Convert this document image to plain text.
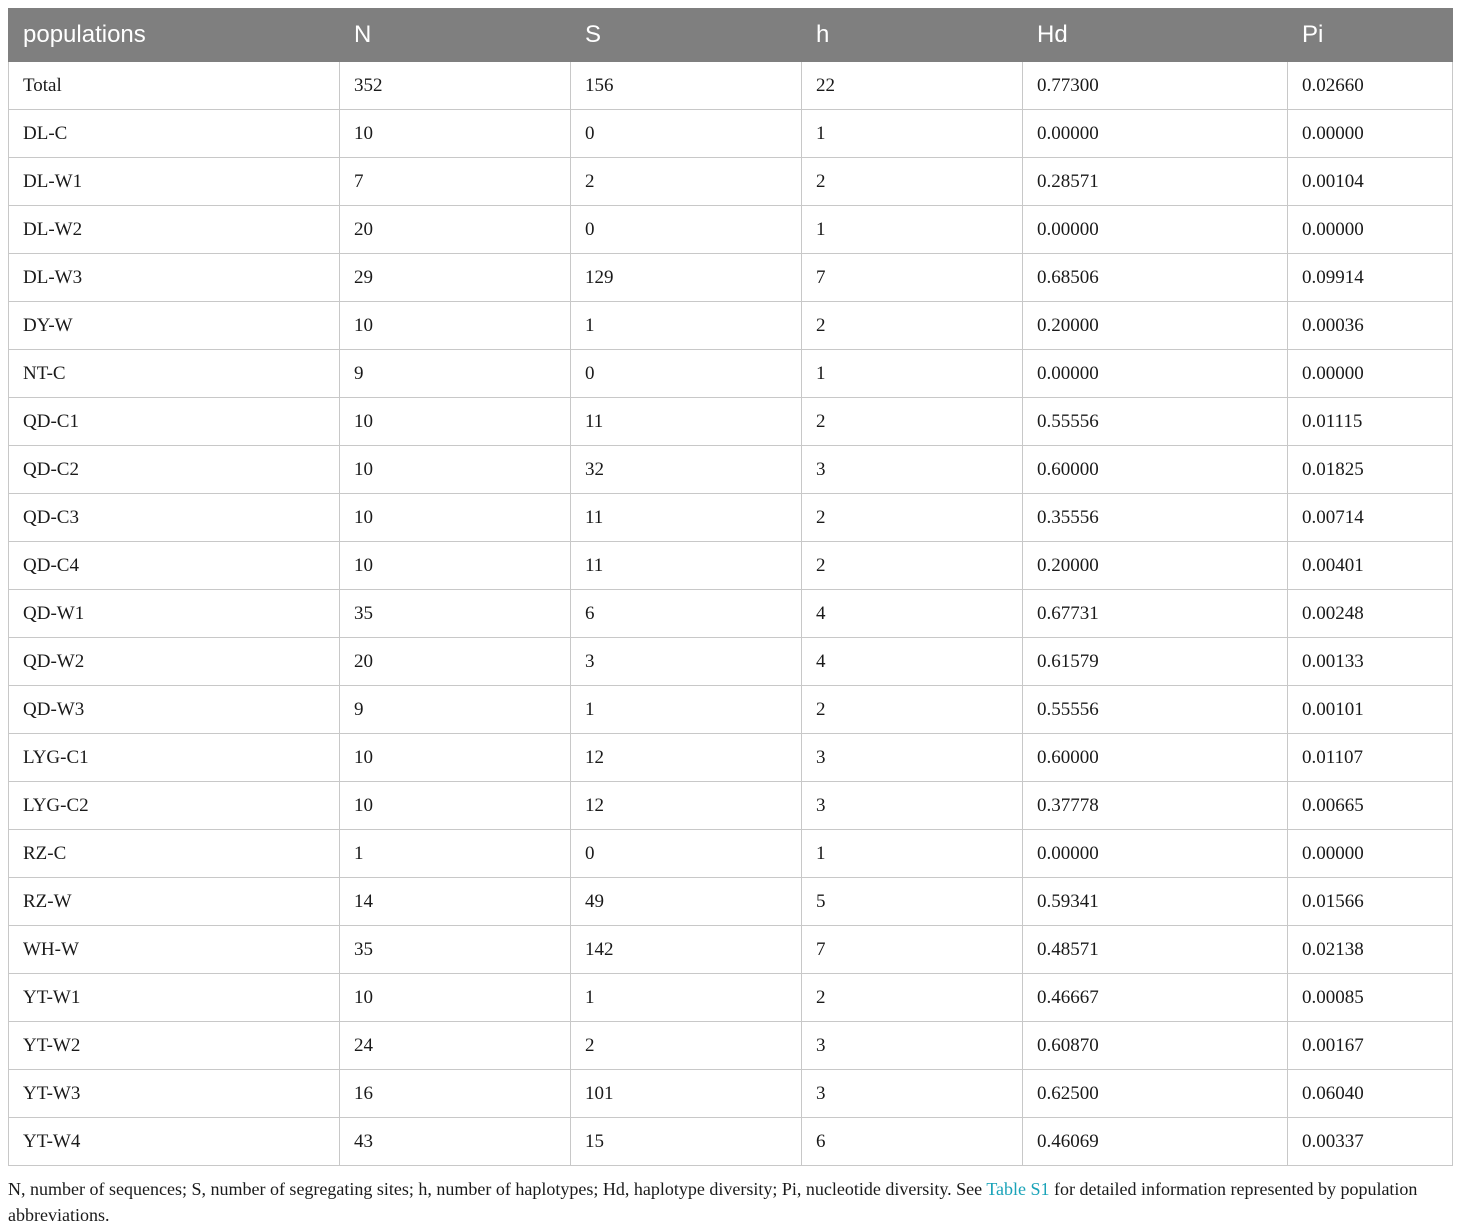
populations	N	S	h	Hd	Pi
Total	352	156	22	0.77300	0.02660
DL-C	10	0	1	0.00000	0.00000
DL-W1	7	2	2	0.28571	0.00104
DL-W2	20	0	1	0.00000	0.00000
DL-W3	29	129	7	0.68506	0.09914
DY-W	10	1	2	0.20000	0.00036
NT-C	9	0	1	0.00000	0.00000
QD-C1	10	11	2	0.55556	0.01115
QD-C2	10	32	3	0.60000	0.01825
QD-C3	10	11	2	0.35556	0.00714
QD-C4	10	11	2	0.20000	0.00401
QD-W1	35	6	4	0.67731	0.00248
QD-W2	20	3	4	0.61579	0.00133
QD-W3	9	1	2	0.55556	0.00101
LYG-C1	10	12	3	0.60000	0.01107
LYG-C2	10	12	3	0.37778	0.00665
RZ-C	1	0	1	0.00000	0.00000
RZ-W	14	49	5	0.59341	0.01566
WH-W	35	142	7	0.48571	0.02138
YT-W1	10	1	2	0.46667	0.00085
YT-W2	24	2	3	0.60870	0.00167
YT-W3	16	101	3	0.62500	0.06040
YT-W4	43	15	6	0.46069	0.00337
N, number of sequences; S, number of segregating sites; h, number of haplotypes; Hd, haplotype diversity; Pi, nucleotide diversity. See Table S1 for detailed information represented by population abbreviations.
